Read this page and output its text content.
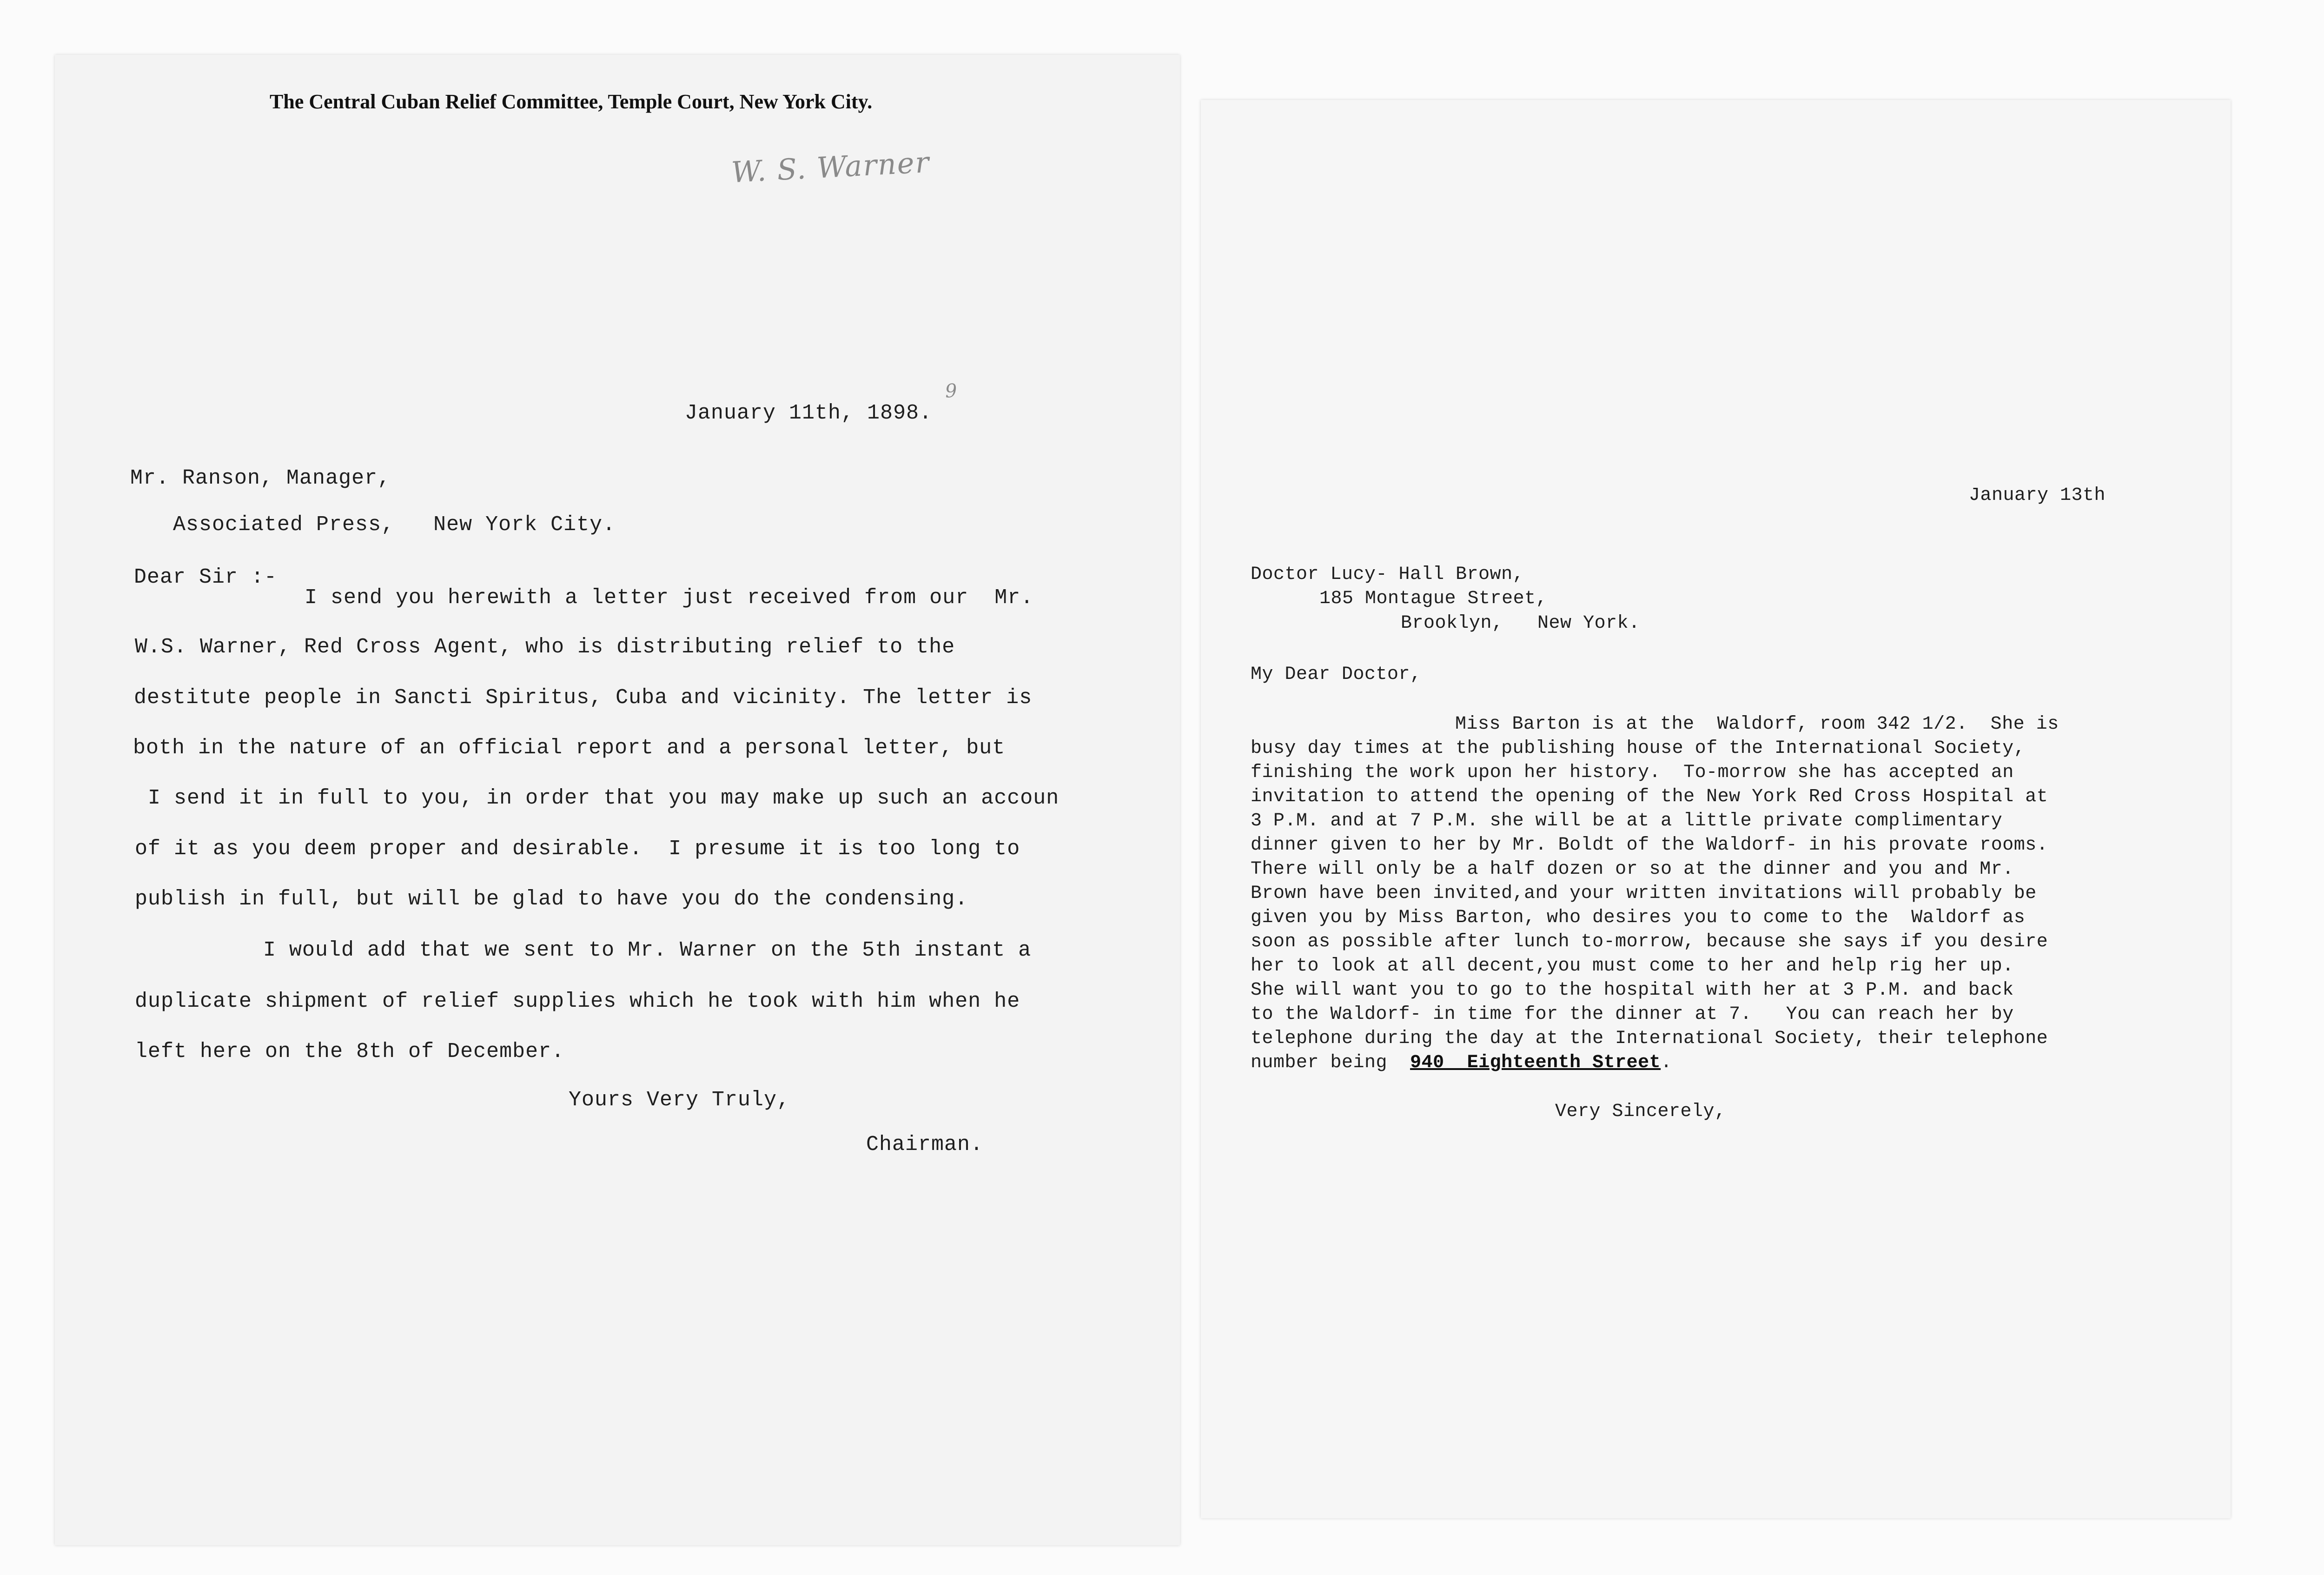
The Central Cuban Relief Committee, Temple Court, New York City.
W. S. Warner
January 11th, 1898.
9
Mr. Ranson, Manager,
Associated Press,   New York City.
Dear Sir :-
I send you herewith a letter just received from our  Mr.
W.S. Warner, Red Cross Agent, who is distributing relief to the
destitute people in Sancti Spiritus, Cuba and vicinity. The letter is
both in the nature of an official report and a personal letter, but
I send it in full to you, in order that you may make up such an accoun
of it as you deem proper and desirable.  I presume it is too long to
publish in full, but will be glad to have you do the condensing.
I would add that we sent to Mr. Warner on the 5th instant a
duplicate shipment of relief supplies which he took with him when he
left here on the 8th of December.
Yours Very Truly,
Chairman.
January 13th
Doctor Lucy- Hall Brown,
185 Montague Street,
Brooklyn,   New York.
My Dear Doctor,
Miss Barton is at the  Waldorf, room 342 1/2.  She is
busy day times at the publishing house of the International Society,
finishing the work upon her history.  To-morrow she has accepted an
invitation to attend the opening of the New York Red Cross Hospital at
3 P.M. and at 7 P.M. she will be at a little private complimentary
dinner given to her by Mr. Boldt of the Waldorf- in his provate rooms.
There will only be a half dozen or so at the dinner and you and Mr.
Brown have been invited,and your written invitations will probably be
given you by Miss Barton, who desires you to come to the  Waldorf as
soon as possible after lunch to-morrow, because she says if you desire
her to look at all decent,you must come to her and help rig her up.
She will want you to go to the hospital with her at 3 P.M. and back
to the Waldorf- in time for the dinner at 7.   You can reach her by
telephone during the day at the International Society, their telephone
number being  940  Eighteenth Street.
Very Sincerely,
